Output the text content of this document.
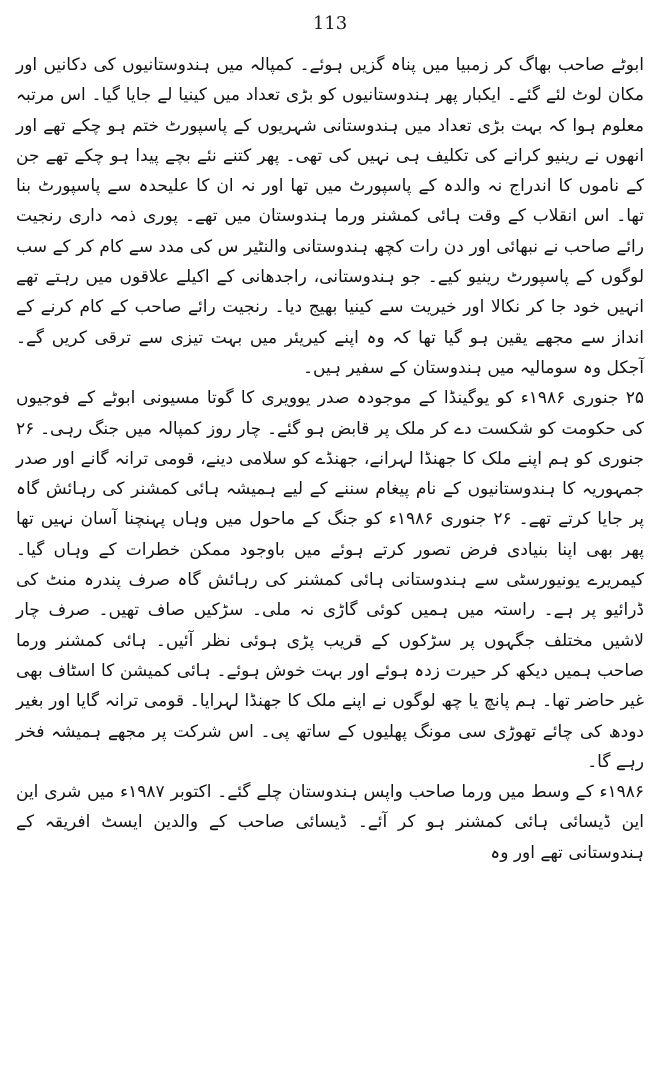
113

ابوٹے صاحب بھاگ کر زمبیا میں پناہ گزیں ہوئے۔ کمپالہ میں ہندوستانیوں کی دکانیں اور مکان لوٹ لئے گئے۔ ایکبار پھر ہندوستانیوں کو بڑی تعداد میں کینیا لے جایا گیا۔ اس مرتبہ معلوم ہوا کہ بہت بڑی تعداد میں ہندوستانی شہریوں کے پاسپورٹ ختم ہو چکے تھے اور انھوں نے رینیو کرانے کی تکلیف ہی نہیں کی تھی۔ پھر کتنے نئے بچے پیدا ہو چکے تھے جن کے ناموں کا اندراج نہ والدہ کے پاسپورٹ میں تھا اور نہ ان کا علیحدہ سے پاسپورٹ بنا تھا۔ اس انقلاب کے وقت ہائی کمشنر ورما ہندوستان میں تھے۔ پوری ذمہ داری رنجیت رائے صاحب نے نبھائی اور دن رات کچھ ہندوستانی والنٹیر س کی مدد سے کام کر کے سب لوگوں کے پاسپورٹ رینیو کیے۔ جو ہندوستانی، راجدھانی کے اکیلے علاقوں میں رہتے تھے انہیں خود جا کر نکالا اور خیریت سے کینیا بھیج دیا۔ رنجیت رائے صاحب کے کام کرنے کے انداز سے مجھے یقین ہو گیا تھا کہ وہ اپنے کیریئر میں بہت تیزی سے ترقی کریں گے۔ آجکل وہ سومالیہ میں ہندوستان کے سفیر ہیں۔

۲۵ جنوری ۱۹۸۶ء کو یوگینڈا کے موجودہ صدر یوویری کا گوتا مسیونی ابوٹے کے فوجیوں کی حکومت کو شکست دے کر ملک پر قابض ہو گئے۔ چار روز کمپالہ میں جنگ رہی۔ ۲۶ جنوری کو ہم اپنے ملک کا جھنڈا لہرانے، جھنڈے کو سلامی دینے، قومی ترانہ گانے اور صدر جمہوریہ کا ہندوستانیوں کے نام پیغام سننے کے لیے ہمیشہ ہائی کمشنر کی رہائش گاہ پر جایا کرتے تھے۔ ۲۶ جنوری ۱۹۸۶ء کو جنگ کے ماحول میں وہاں پہنچنا آسان نہیں تھا پھر بھی اپنا بنیادی فرض تصور کرتے ہوئے میں باوجود ممکن خطرات کے وہاں گیا۔ کیمریرے یونیورسٹی سے ہندوستانی ہائی کمشنر کی رہائش گاہ صرف پندرہ منٹ کی ڈرائیو پر ہے۔ راستہ میں ہمیں کوئی گاڑی نہ ملی۔ سڑکیں صاف تھیں۔ صرف چار لاشیں مختلف جگہوں پر سڑکوں کے قریب پڑی ہوئی نظر آئیں۔ ہائی کمشنر ورما صاحب ہمیں دیکھ کر حیرت زدہ ہوئے اور بہت خوش ہوئے۔ ہائی کمیشن کا اسٹاف بھی غیر حاضر تھا۔ ہم پانچ یا چھ لوگوں نے اپنے ملک کا جھنڈا لہرایا۔ قومی ترانہ گایا اور بغیر دودھ کی چائے تھوڑی سی مونگ پھلیوں کے ساتھ پی۔ اس شرکت پر مجھے ہمیشہ فخر رہے گا۔

۱۹۸۶ء کے وسط میں ورما صاحب واپس ہندوستان چلے گئے۔ اکتوبر ۱۹۸۷ء میں شری این این ڈیسائی ہائی کمشنر ہو کر آئے۔ ڈیسائی صاحب کے والدین ایسٹ افریقہ کے ہندوستانی تھے اور وہ
